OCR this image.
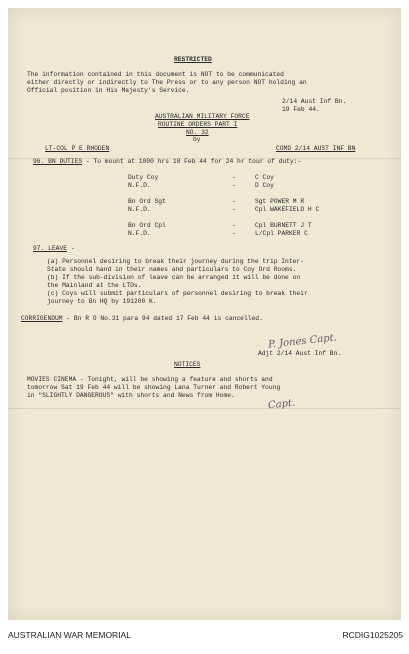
RESTRICTED
The information contained in this document is NOT to be communicated
either directly or indirectly to The Press or to any person NOT holding an
Official position in His Majesty's Service.
2/14 Aust Inf Bn.
19 Feb 44.
AUSTRALIAN MILITARY FORCE
ROUTINE ORDERS PART I
NO. 32
by
LT-COL P E RHODEN	COMD 2/14 AUST INF BN
96. BN DUTIES - To mount at 1800 hrs 18 Feb 44 for 24 hr tour of duty:-
Duty Coy	-	C Coy
N.F.D.	-	D Coy
Bn Ord Sgt	-	Sgt POWER M R
N.F.D.	-	Cpl WAKEFIELD H C
Bn Ord Cpl	-	Cpl BURNETT J T
N.F.D.	-	L/Cpl PARKER C
97. LEAVE -
(a) Personnel desiring to break their journey during the trip Inter-
State should hand in their names and particulars to Coy Ord Rooms.
(b) If the sub-division of leave can be arranged it will be done on
the Mainland at the LTDs.
(c) Coys will submit particulars of personnel desiring to break their
journey to Bn HQ by 191200 K.
CORRIGENDUM - Bn R O No.31 para 94 dated 17 Feb 44 is cancelled.
P. Jones Capt.
Adjt 2/14 Aust Inf Bn.
NOTICES
MOVIES CINEMA - Tonight, will be showing a feature and shorts and
tomorrow Sat 19 Feb 44 will be showing Lana Turner and Robert Young
in "SLIGHTLY DANGEROUS" with shorts and News from Home.
Capt.
AUSTRALIAN WAR MEMORIAL	RCDIG1025205
